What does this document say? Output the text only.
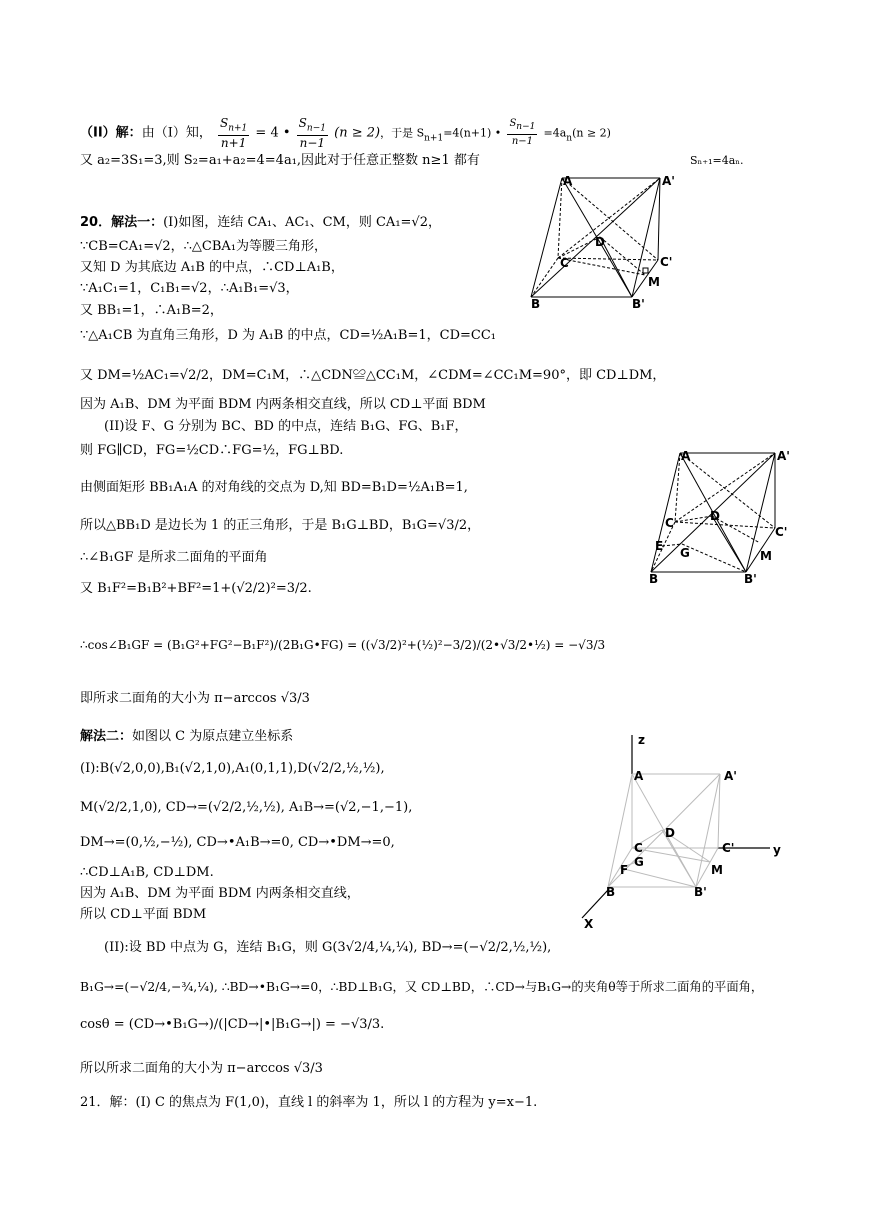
（II）解：由（I）知， $\frac{S_{n+1}}{n+1} = 4$ • $\frac{S_{n-1}}{n-1} (n \ge 2)$，于是 $S_{n+1}=4(n+1)$ • $\frac{S_{n-1}}{n-1} =4a_n(n \ge 2)$
又 a₂=3S₁=3,则 S₂=a₁+a₂=4=4a₁,因此对于任意正整数 n≥1 都有	Sₙ₊₁=4aₙ.
20．解法一：(I)如图，连结 CA₁、AC₁、CM，则 CA₁=√2，
∵CB=CA₁=√2，∴△CBA₁为等腰三角形，
又知 D 为其底边 A₁B 的中点，∴CD⊥A₁B，
∵A₁C₁=1，C₁B₁=√2，∴A₁B₁=√3，
又 BB₁=1，∴A₁B=2，
∵△A₁CB 为直角三角形，D 为 A₁B 的中点，CD=½A₁B=1，CD=CC₁
又 DM=½AC₁=√2/2，DM=C₁M，∴△CDN≌△CC₁M，∠CDM=∠CC₁M=90°，即 CD⊥DM，
因为 A₁B、DM 为平面 BDM 内两条相交直线，所以 CD⊥平面 BDM
(II)设 F、G 分别为 BC、BD 的中点，连结 B₁G、FG、B₁F，
则 FG∥CD，FG=½CD∴FG=½，FG⊥BD.
由侧面矩形 BB₁A₁A 的对角线的交点为 D,知 BD=B₁D=½A₁B=1,
所以△BB₁D 是边长为 1 的正三角形，于是 B₁G⊥BD，B₁G=√3/2，
∴∠B₁GF 是所求二面角的平面角
又 B₁F²=B₁B²+BF²=1+(√2/2)²=3/2.
∴cos∠B₁GF = (B₁G²+FG²−B₁F²)/(2B₁G•FG) = ((√3/2)²+(½)²−3/2)/(2•√3/2•½) = −√3/3
即所求二面角的大小为 π−arccos √3/3
解法二：如图以 C 为原点建立坐标系
(I):B(√2,0,0),B₁(√2,1,0),A₁(0,1,1),D(√2/2,½,½),
M(√2/2,1,0), CD→=(√2/2,½,½), A₁B→=(√2,−1,−1),
DM→=(0,½,−½), CD→•A₁B→=0, CD→•DM→=0,
∴CD⊥A₁B, CD⊥DM.
因为 A₁B、DM 为平面 BDM 内两条相交直线，
所以 CD⊥平面 BDM
(II):设 BD 中点为 G，连结 B₁G，则 G(3√2/4,¼,¼), BD→=(−√2/2,½,½),
B₁G→=(−√2/4,−¾,¼), ∴BD→•B₁G→=0，∴BD⊥B₁G，又 CD⊥BD，∴CD→与B₁G→的夹角θ等于所求二面角的平面角，
cosθ = (CD→•B₁G→)/(|CD→|•|B₁G→|) = −√3/3.
所以所求二面角的大小为 π−arccos √3/3
21．解：(I) C 的焦点为 F(1,0)，直线 l 的斜率为 1，所以 l 的方程为 y=x−1.
A	A'
D
C	C'
M
B	B'
A	A'
C	D
C'
E G	M
B	B'
z
A	A'
D
C
G
C'	y
F	M
B	B'
X
